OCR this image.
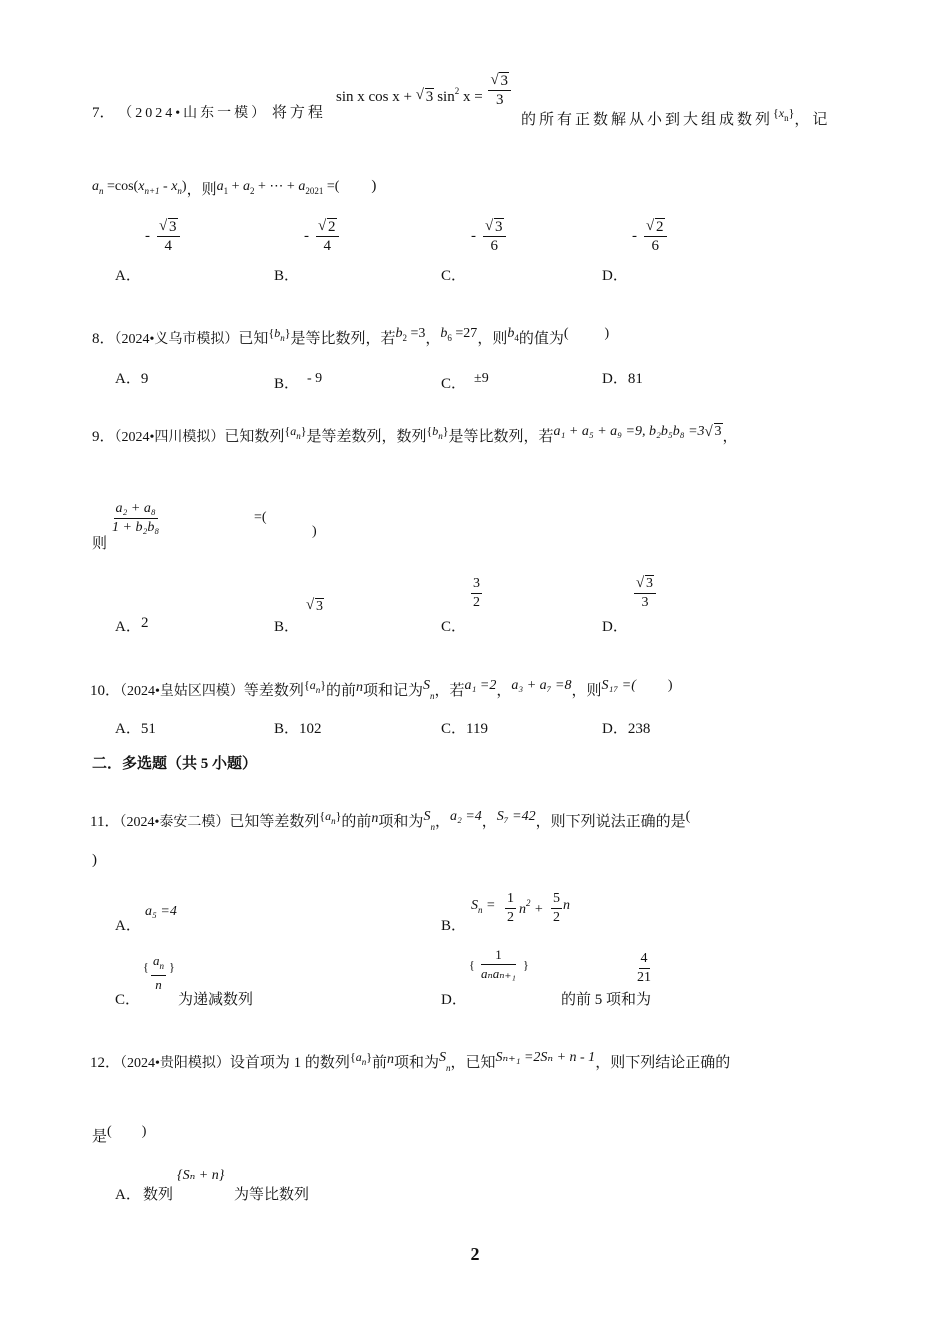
7． （2024•山东一模） 将方程
sin x cos x + √ 3 $\sin_2 x$ = √ $\frac{3}{3}$
的所有正数解从小到大组成数列$^{\{x_n\}}$，记
$a_n =\cos(x_{n+1} - x_n)$，则$a_1 + a_2$ + ⋯ + $a_{2021}$ =( )
A．
- √ $\frac{3}{4}$
B．
- √ $\frac{2}{4}$
C．
- √ $\frac{3}{6}$
D．
- √ $\frac{2}{6}$
8．（2024•义乌市模拟）已知$^{\{b_n\}}$是等比数列，若$b^2 =3$，$b^6 =27$，则$b^4$的值为(	)
A．9	B． - 9	C． ±9	D．81
9．（2024•四川模拟）已知数列$^{\{a_n\}}$是等差数列，数列$^{\{b_n\}}$是等比数列，若a₁ + a₅ + a₉ =9, b₂b₅b₈ =3 √ 3，
则
$\frac{\text{a₂ + a₈}}{\text{1 + b₂b₈}}$	=(
)
A． 2	B．
√ 3
C．
$\frac{3}{2}$
D．
√ $\frac{3}{3}$
10．（2024•皇姑区四模）等差数列$^{\{a_n\}}$的前n项和记为$S_n$，若a₁ =2，a₃ + a₇ =8，则S₁₇ =( )
A．51	B．102	C．119	D．238
二．多选题（共 5 小题）
11．（2024•泰安二模）已知等差数列$^{\{a_n\}}$的前n项和为$S_n$，a₂ =4，S₇ =42，则下列说法正确的是(
)
A．
a₅ =4
B．
$S_n = \frac{1}{2} n^2 + \frac{5}{2}$ n
C．
{ $\frac{a_n}{n}$ }
为递减数列	D．
{
1
aₙaₙ₊₁
}
的前 5 项和为
$\frac{4}{21}$
12．（2024•贵阳模拟）设首项为 1 的数列$^{\{a_n\}}$前n项和为$S_n$，已知Sₙ₊₁ =2Sₙ + n - 1，则下列结论正确的
是( )
A． 数列
{Sₙ + n}
为等比数列
2
